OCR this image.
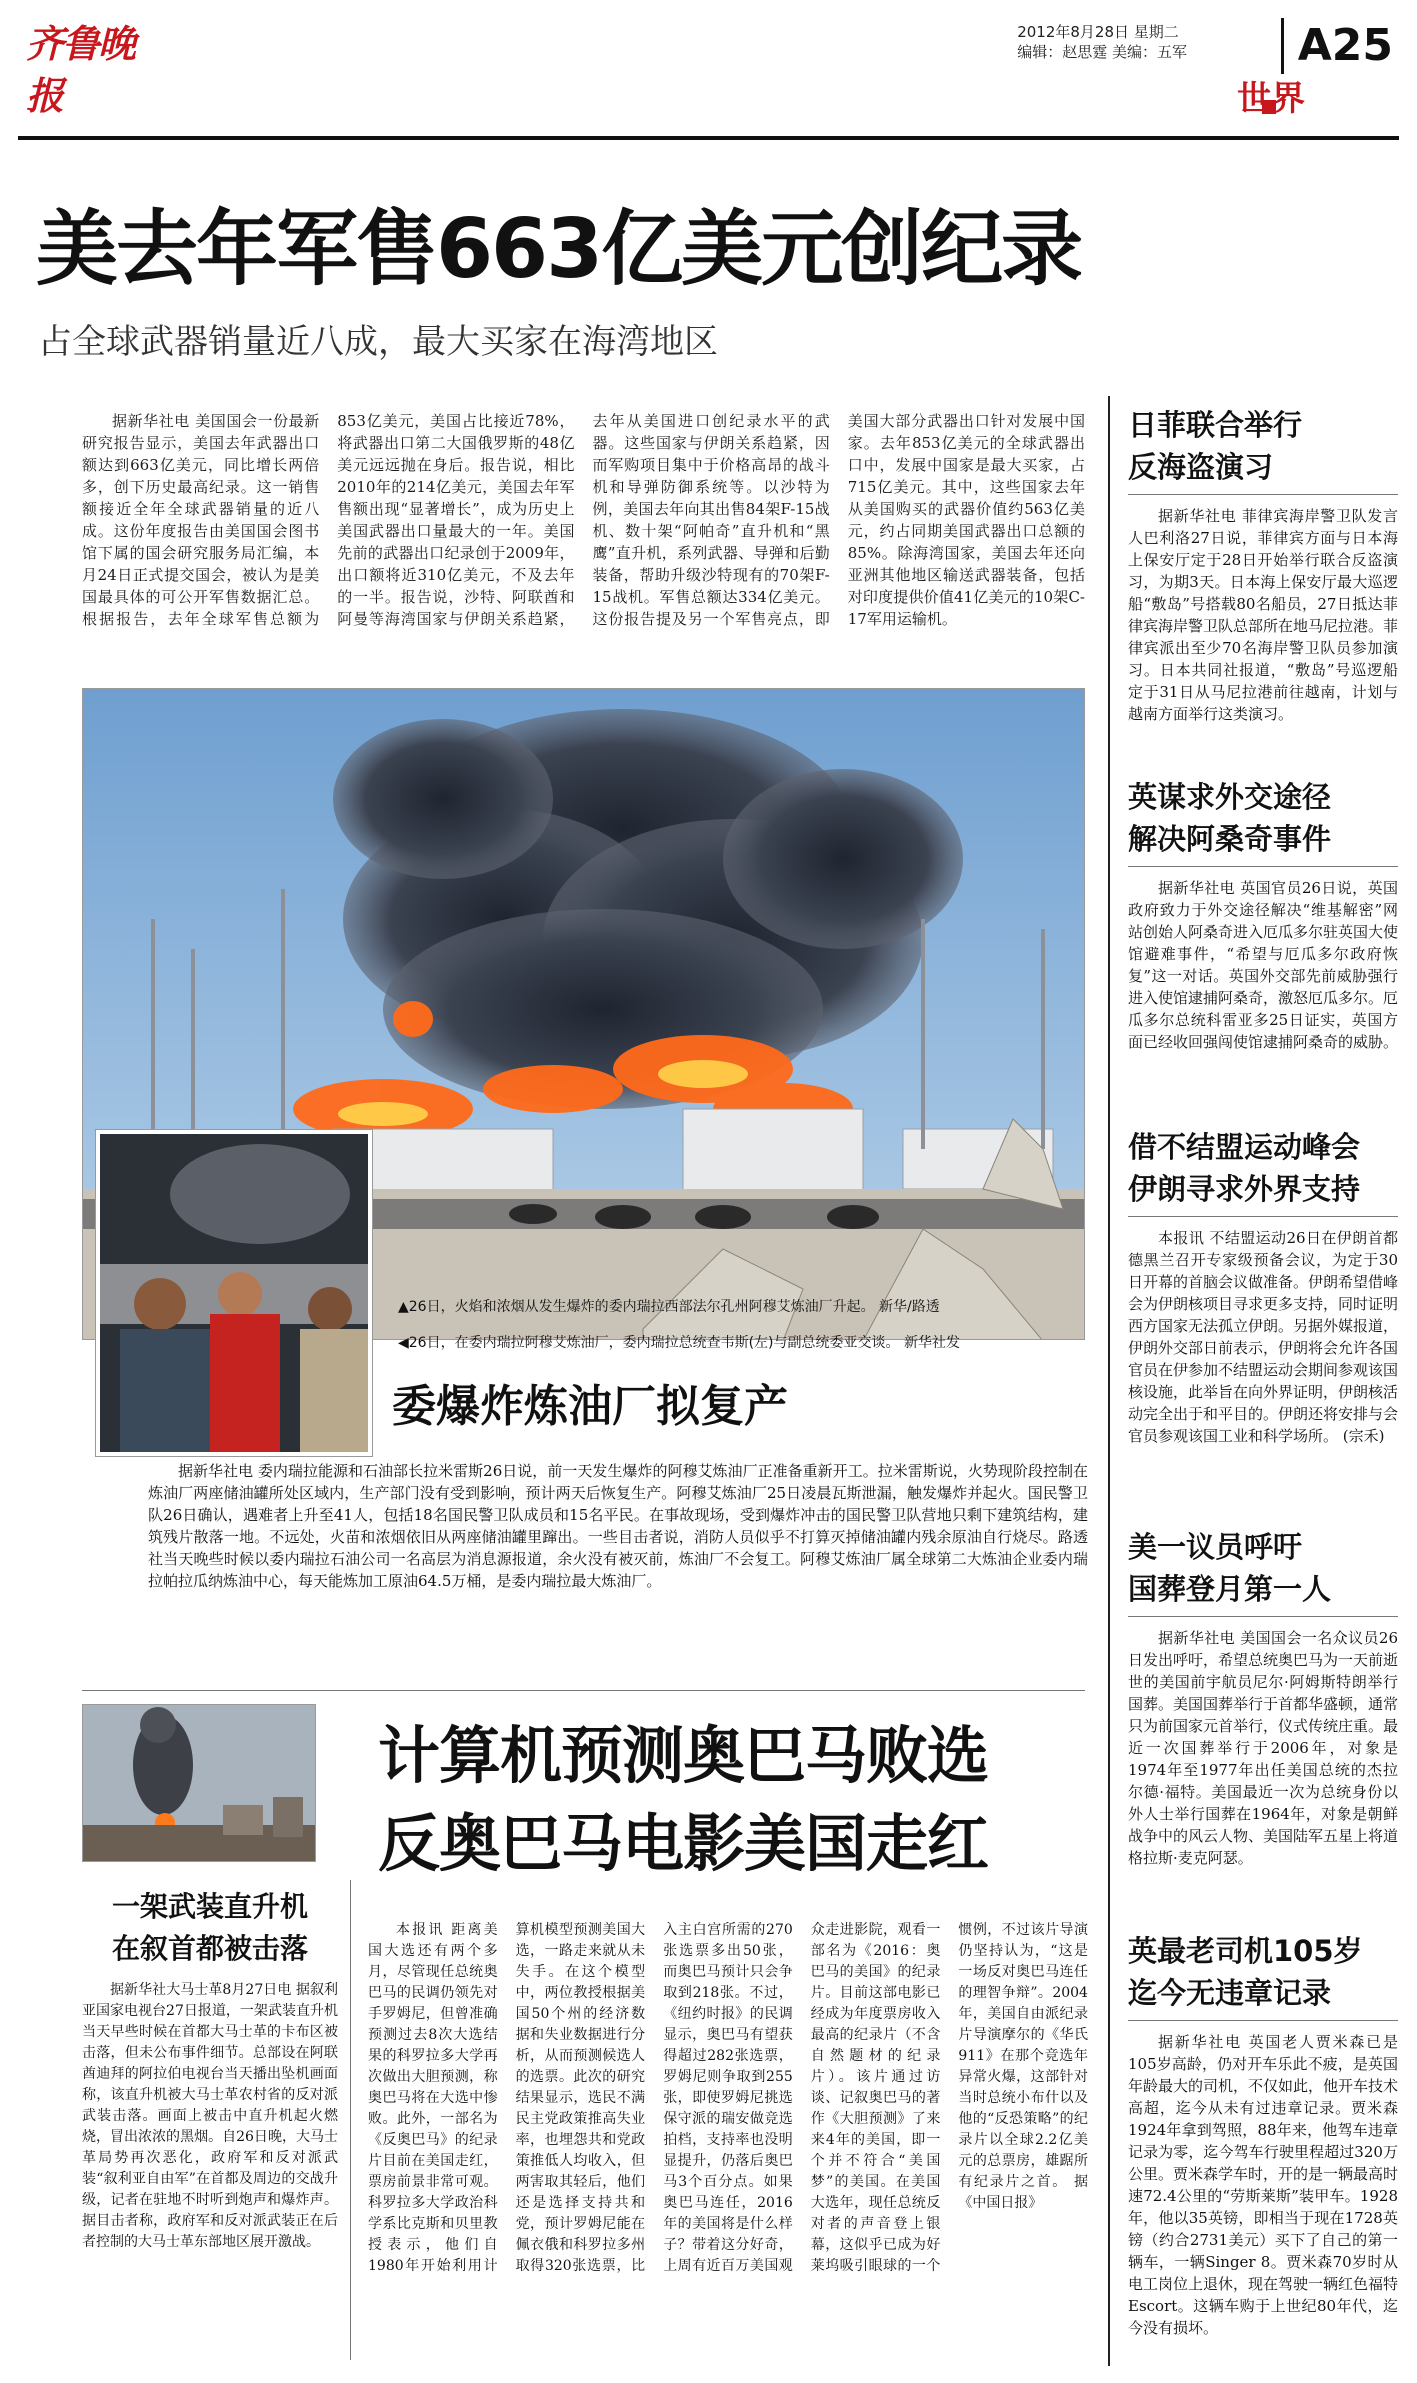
齐鲁晚报
2012年8月28日 星期二
编辑：赵思霆 美编：五军	A25
世界
美去年军售663亿美元创纪录
占全球武器销量近八成，最大买家在海湾地区

据新华社电 美国国会一份最新研究报告显示，美国去年武器出口额达到663亿美元，同比增长两倍多，创下历史最高纪录。这一销售额接近全年全球武器销量的近八成。这份年度报告由美国国会图书馆下属的国会研究服务局汇编，本月24日正式提交国会，被认为是美国最具体的可公开军售数据汇总。根据报告，去年全球军售总额为853亿美元，美国占比接近78%，将武器出口第二大国俄罗斯的48亿美元远远抛在身后。报告说，相比2010年的214亿美元，美国去年军售额出现“显著增长”，成为历史上美国武器出口量最大的一年。美国先前的武器出口纪录创于2009年，出口额将近310亿美元，不及去年的一半。报告说，沙特、阿联酋和阿曼等海湾国家与伊朗关系趋紧，去年从美国进口创纪录水平的武器。这些国家与伊朗关系趋紧，因而军购项目集中于价格高昂的战斗机和导弹防御系统等。以沙特为例，美国去年向其出售84架F-15战机、数十架“阿帕奇”直升机和“黑鹰”直升机，系列武器、导弹和后勤装备，帮助升级沙特现有的70架F-15战机。军售总额达334亿美元。这份报告提及另一个军售亮点，即美国大部分武器出口针对发展中国家。去年853亿美元的全球武器出口中，发展中国家是最大买家，占715亿美元。其中，这些国家去年从美国购买的武器价值约563亿美元，约占同期美国武器出口总额的85%。除海湾国家，美国去年还向亚洲其他地区输送武器装备，包括对印度提供价值41亿美元的10架C-17军用运输机。

▲26日，火焰和浓烟从发生爆炸的委内瑞拉西部法尔孔州阿穆艾炼油厂升起。 新华/路透
◀26日，在委内瑞拉阿穆艾炼油厂，委内瑞拉总统查韦斯(左)与副总统委亚交谈。 新华社发
委爆炸炼油厂拟复产

据新华社电 委内瑞拉能源和石油部长拉米雷斯26日说，前一天发生爆炸的阿穆艾炼油厂正准备重新开工。拉米雷斯说，火势现阶段控制在炼油厂两座储油罐所处区域内，生产部门没有受到影响，预计两天后恢复生产。阿穆艾炼油厂25日凌晨瓦斯泄漏，触发爆炸并起火。国民警卫队26日确认，遇难者上升至41人，包括18名国民警卫队成员和15名平民。在事故现场，受到爆炸冲击的国民警卫队营地只剩下建筑结构，建筑残片散落一地。不远处，火苗和浓烟依旧从两座储油罐里蹿出。一些目击者说，消防人员似乎不打算灭掉储油罐内残余原油自行烧尽。路透社当天晚些时候以委内瑞拉石油公司一名高层为消息源报道，余火没有被灭前，炼油厂不会复工。阿穆艾炼油厂属全球第二大炼油企业委内瑞拉帕拉瓜纳炼油中心，每天能炼加工原油64.5万桶，是委内瑞拉最大炼油厂。

计算机预测奥巴马败选
反奥巴马电影美国走红

本报讯 距离美国大选还有两个多月，尽管现任总统奥巴马的民调仍领先对手罗姆尼，但曾准确预测过去8次大选结果的科罗拉多大学再次做出大胆预测，称奥巴马将在大选中惨败。此外，一部名为《反奥巴马》的纪录片目前在美国走红，票房前景非常可观。科罗拉多大学政治科学系比克斯和贝里教授表示，他们自1980年开始利用计算机模型预测美国大选，一路走来就从未失手。在这个模型中，两位教授根据美国50个州的经济数据和失业数据进行分析，从而预测候选人的选票。此次的研究结果显示，选民不满民主党政策推高失业率，也埋怨共和党政策推低人均收入，但两害取其轻后，他们还是选择支持共和党，预计罗姆尼能在佩衣俄和科罗拉多州取得320张选票，比入主白宫所需的270张选票多出50张，而奥巴马预计只会争取到218张。不过，《纽约时报》的民调显示，奥巴马有望获得超过282张选票，罗姆尼则争取到255张，即使罗姆尼挑选保守派的瑞安做竞选拍档，支持率也没明显提升，仍落后奥巴马3个百分点。如果奥巴马连任，2016年的美国将是什么样子？带着这分好奇，上周有近百万美国观众走进影院，观看一部名为《2016：奥巴马的美国》的纪录片。目前这部电影已经成为年度票房收入最高的纪录片（不含自然题材的纪录片）。该片通过访谈、记叙奥巴马的著作《大胆预测》了来来4年的美国，即一个并不符合“美国梦”的美国。在美国大选年，现任总统反对者的声音登上银幕，这似乎已成为好莱坞吸引眼球的一个惯例，不过该片导演仍坚持认为，“这是一场反对奥巴马连任的理智争辩”。2004年，美国自由派纪录片导演摩尔的《华氏911》在那个竞选年异常火爆，这部针对当时总统小布什以及他的“反恐策略”的纪录片以全球2.2亿美元的总票房，雄踞所有纪录片之首。 据《中国日报》

一架武装直升机
在叙首都被击落

据新华社大马士革8月27日电 据叙利亚国家电视台27日报道，一架武装直升机当天早些时候在首都大马士革的卡布区被击落，但未公布事件细节。总部设在阿联酋迪拜的阿拉伯电视台当天播出坠机画面称，该直升机被大马士革农村省的反对派武装击落。画面上被击中直升机起火燃烧，冒出浓浓的黑烟。自26日晚，大马士革局势再次恶化，政府军和反对派武装“叙利亚自由军”在首都及周边的交战升级，记者在驻地不时听到炮声和爆炸声。据目击者称，政府军和反对派武装正在后者控制的大马士革东部地区展开激战。

日菲联合举行
反海盗演习

据新华社电 菲律宾海岸警卫队发言人巴利洛27日说，菲律宾方面与日本海上保安厅定于28日开始举行联合反盗演习，为期3天。日本海上保安厅最大巡逻船“敷岛”号搭载80名船员，27日抵达菲律宾海岸警卫队总部所在地马尼拉港。菲律宾派出至少70名海岸警卫队员参加演习。日本共同社报道，“敷岛”号巡逻船定于31日从马尼拉港前往越南，计划与越南方面举行这类演习。

英谋求外交途径
解决阿桑奇事件

据新华社电 英国官员26日说，英国政府致力于外交途径解决“维基解密”网站创始人阿桑奇进入厄瓜多尔驻英国大使馆避难事件，“希望与厄瓜多尔政府恢复”这一对话。英国外交部先前威胁强行进入使馆逮捕阿桑奇，激怒厄瓜多尔。厄瓜多尔总统科雷亚多25日证实，英国方面已经收回强闯使馆逮捕阿桑奇的威胁。

借不结盟运动峰会
伊朗寻求外界支持

本报讯 不结盟运动26日在伊朗首都德黑兰召开专家级预备会议，为定于30日开幕的首脑会议做准备。伊朗希望借峰会为伊朗核项目寻求更多支持，同时证明西方国家无法孤立伊朗。另据外媒报道，伊朗外交部日前表示，伊朗将会允许各国官员在伊参加不结盟运动会期间参观该国核设施，此举旨在向外界证明，伊朗核活动完全出于和平目的。伊朗还将安排与会官员参观该国工业和科学场所。 (宗禾)

美一议员呼吁
国葬登月第一人

据新华社电 美国国会一名众议员26日发出呼吁，希望总统奥巴马为一天前逝世的美国前宇航员尼尔·阿姆斯特朗举行国葬。美国国葬举行于首都华盛顿，通常只为前国家元首举行，仪式传统庄重。最近一次国葬举行于2006年，对象是1974年至1977年出任美国总统的杰拉尔德·福特。美国最近一次为总统身份以外人士举行国葬在1964年，对象是朝鲜战争中的风云人物、美国陆军五星上将道格拉斯·麦克阿瑟。

英最老司机105岁
迄今无违章记录

据新华社电 英国老人贾米森已是105岁高龄，仍对开车乐此不疲，是英国年龄最大的司机，不仅如此，他开车技术高超，迄今从未有过违章记录。贾米森1924年拿到驾照，88年来，他驾车违章记录为零，迄今驾车行驶里程超过320万公里。贾米森学车时，开的是一辆最高时速72.4公里的“劳斯莱斯”装甲车。1928年，他以35英镑，即相当于现在1728英镑（约合2731美元）买下了自己的第一辆车，一辆Singer 8。贾米森70岁时从电工岗位上退休，现在驾驶一辆红色福特Escort。这辆车购于上世纪80年代，迄今没有损坏。
